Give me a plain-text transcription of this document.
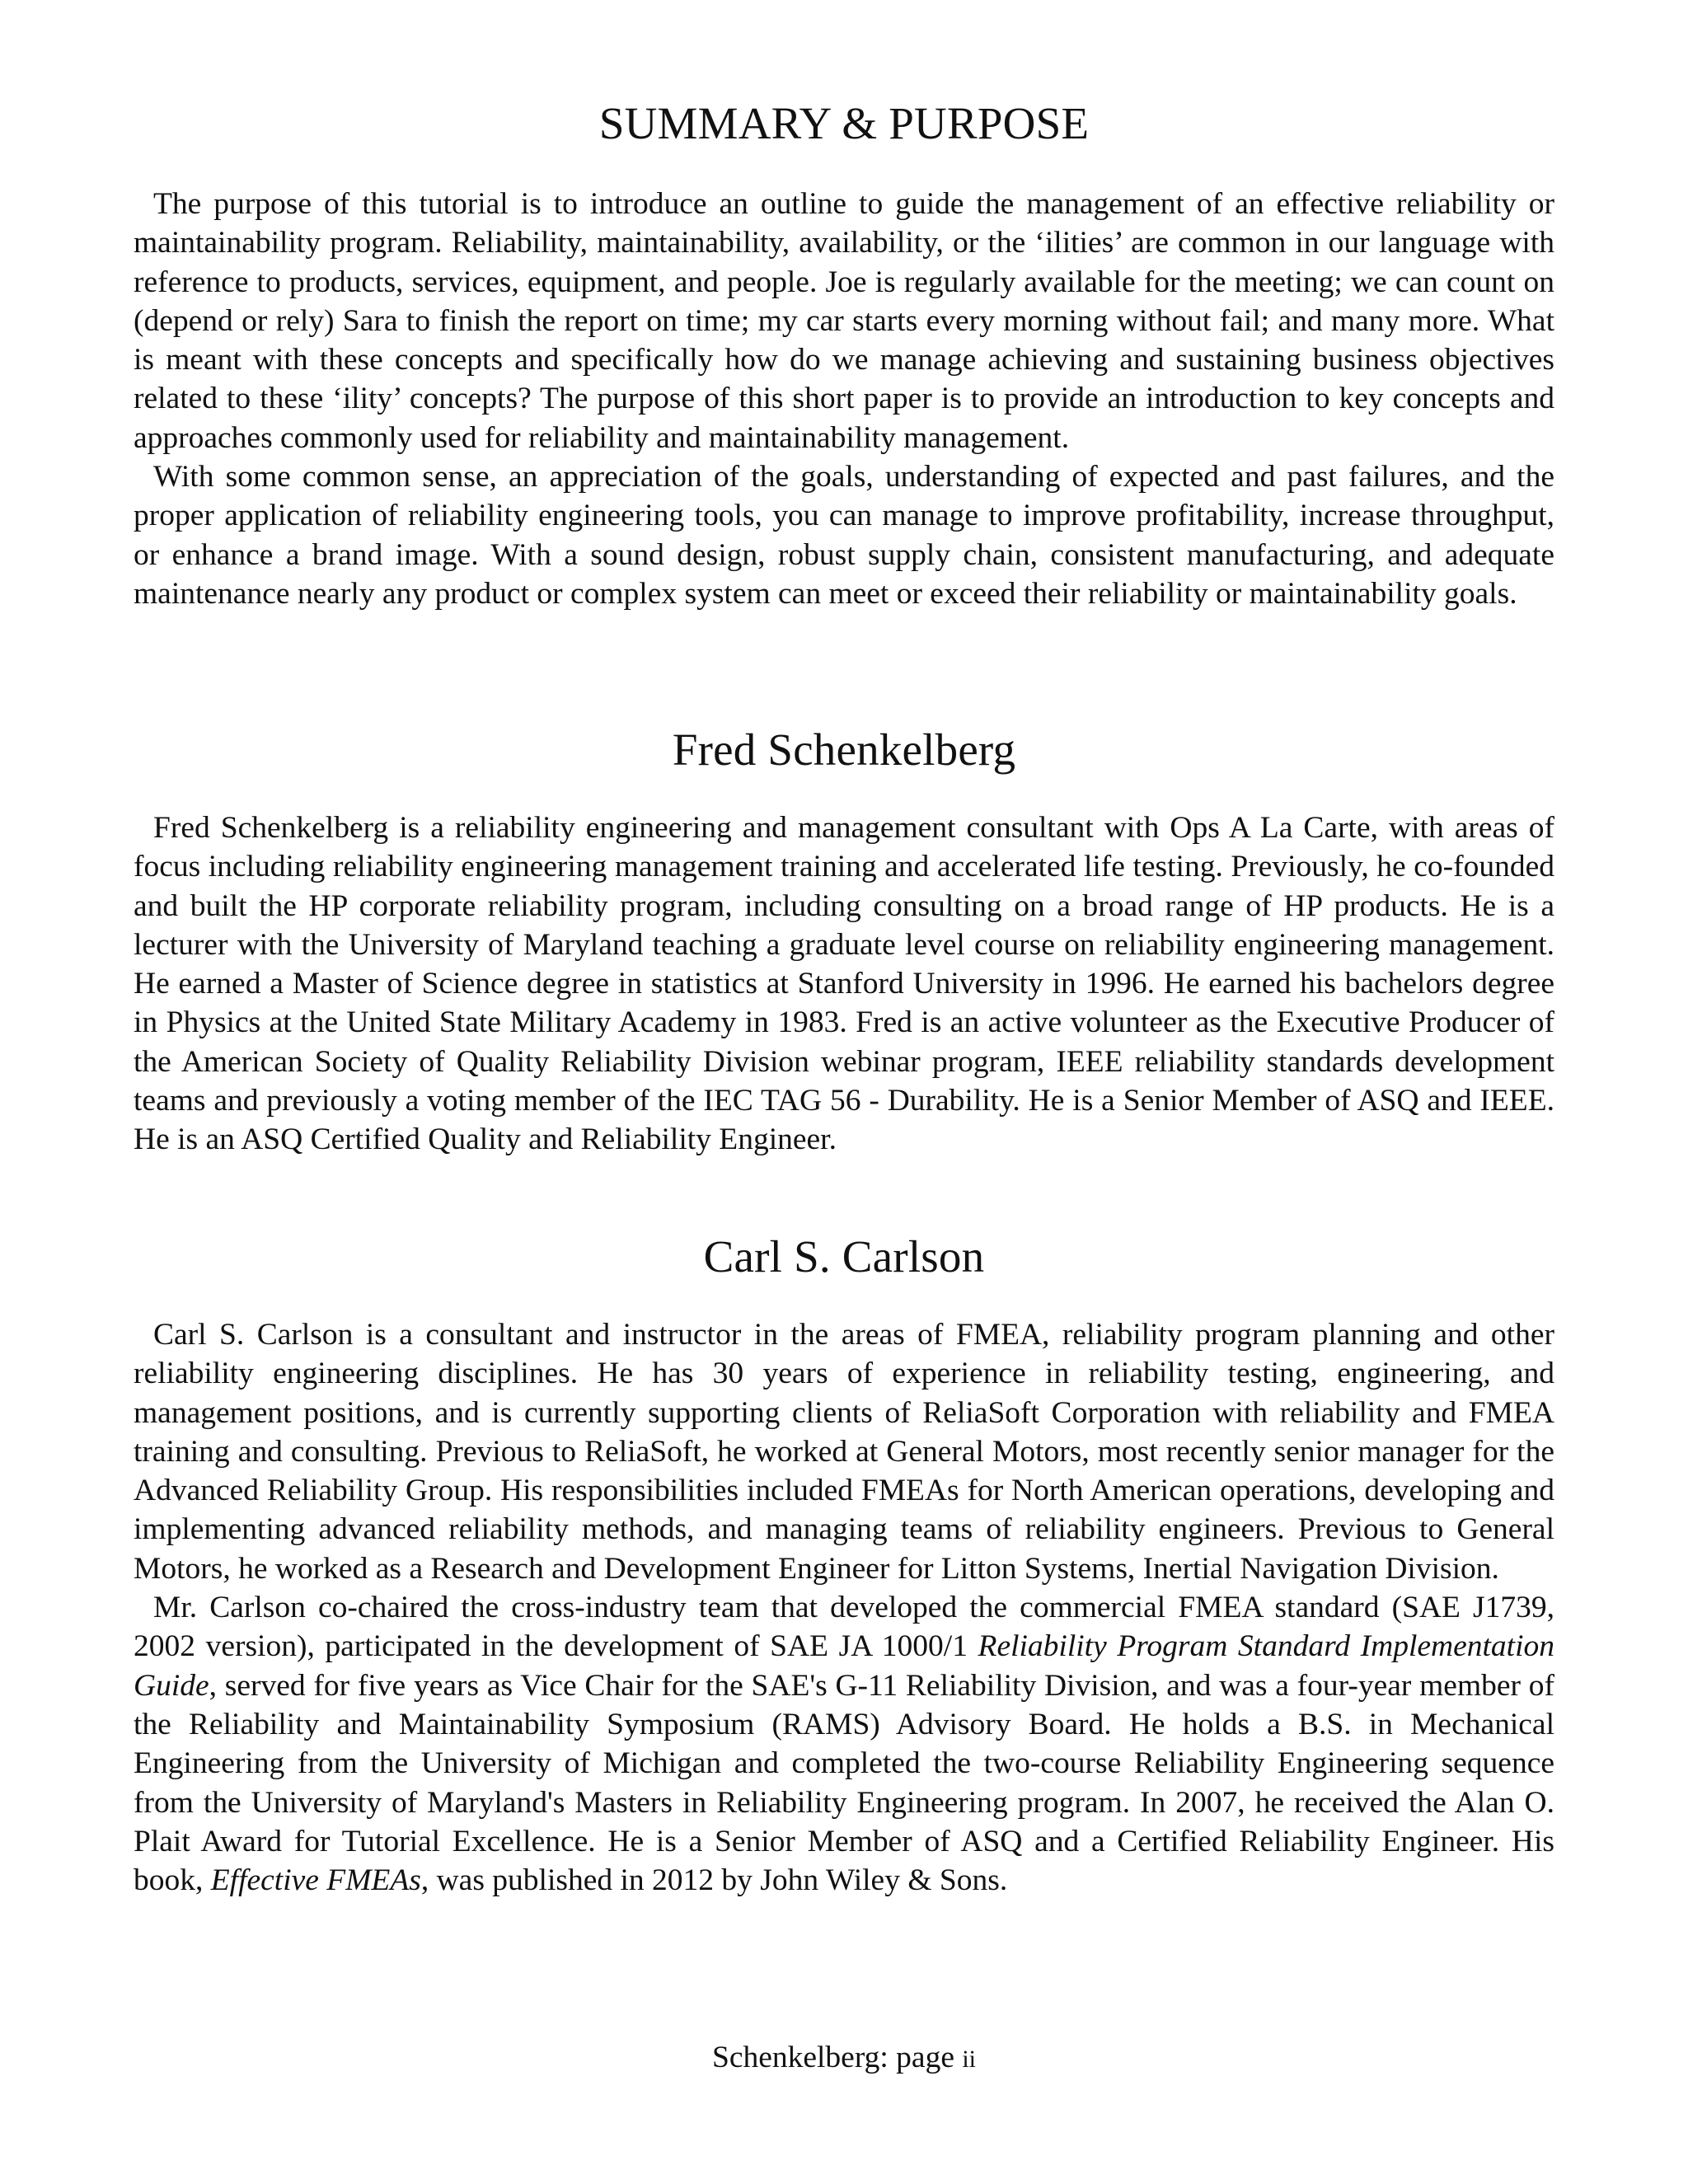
SUMMARY & PURPOSE

The purpose of this tutorial is to introduce an outline to guide the management of an effective reliability or maintainability program. Reliability, maintainability, availability, or the ‘ilities’ are common in our language with reference to products, services, equipment, and people. Joe is regularly available for the meeting; we can count on (depend or rely) Sara to finish the report on time; my car starts every morning without fail; and many more. What is meant with these concepts and specifically how do we manage achieving and sustaining business objectives related to these ‘ility’ concepts? The purpose of this short paper is to provide an introduction to key concepts and approaches commonly used for reliability and maintainability management.

With some common sense, an appreciation of the goals, understanding of expected and past failures, and the proper application of reliability engineering tools, you can manage to improve profitability, increase throughput, or enhance a brand image. With a sound design, robust supply chain, consistent manufacturing, and adequate maintenance nearly any product or complex system can meet or exceed their reliability or maintainability goals.

Fred Schenkelberg

Fred Schenkelberg is a reliability engineering and management consultant with Ops A La Carte, with areas of focus including reliability engineering management training and accelerated life testing. Previously, he co-founded and built the HP corporate reliability program, including consulting on a broad range of HP products. He is a lecturer with the University of Maryland teaching a graduate level course on reliability engineering management. He earned a Master of Science degree in statistics at Stanford University in 1996. He earned his bachelors degree in Physics at the United State Military Academy in 1983. Fred is an active volunteer as the Executive Producer of the American Society of Quality Reliability Division webinar program, IEEE reliability standards development teams and previously a voting member of the IEC TAG 56 - Durability. He is a Senior Member of ASQ and IEEE. He is an ASQ Certified Quality and Reliability Engineer.

Carl S. Carlson

Carl S. Carlson is a consultant and instructor in the areas of FMEA, reliability program planning and other reliability engineering disciplines. He has 30 years of experience in reliability testing, engineering, and management positions, and is currently supporting clients of ReliaSoft Corporation with reliability and FMEA training and consulting. Previous to ReliaSoft, he worked at General Motors, most recently senior manager for the Advanced Reliability Group. His responsibilities included FMEAs for North American operations, developing and implementing advanced reliability methods, and managing teams of reliability engineers. Previous to General Motors, he worked as a Research and Development Engineer for Litton Systems, Inertial Navigation Division.

Mr. Carlson co-chaired the cross-industry team that developed the commercial FMEA standard (SAE J1739, 2002 version), participated in the development of SAE JA 1000/1 Reliability Program Standard Implementation Guide, served for five years as Vice Chair for the SAE's G-11 Reliability Division, and was a four-year member of the Reliability and Maintainability Symposium (RAMS) Advisory Board. He holds a B.S. in Mechanical Engineering from the University of Michigan and completed the two-course Reliability Engineering sequence from the University of Maryland's Masters in Reliability Engineering program. In 2007, he received the Alan O. Plait Award for Tutorial Excellence. He is a Senior Member of ASQ and a Certified Reliability Engineer. His book, Effective FMEAs, was published in 2012 by John Wiley & Sons.

Schenkelberg: page ii
